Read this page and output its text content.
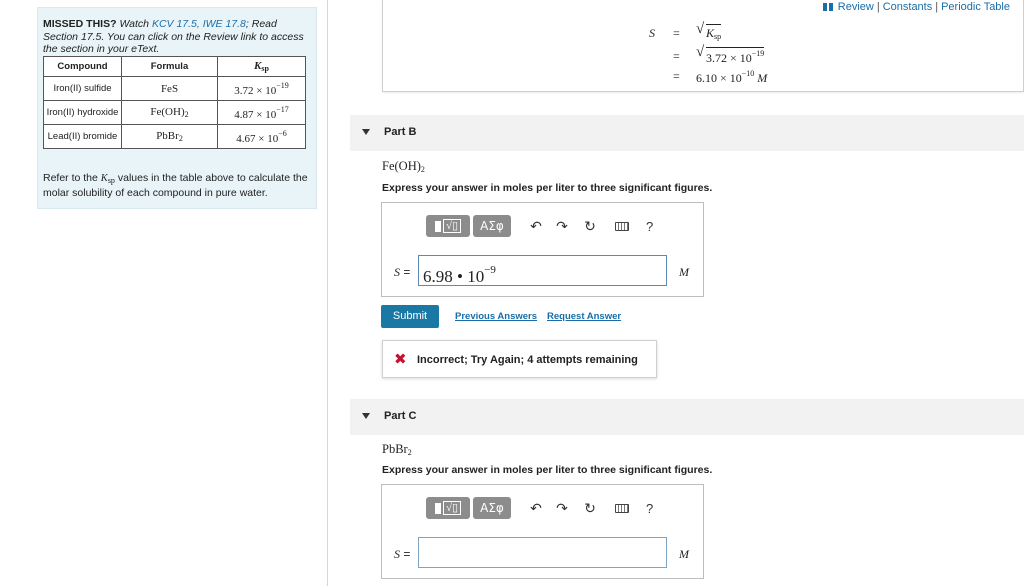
Review | Constants | Periodic Table
MISSED THIS? Watch KCV 17.5, IWE 17.8; Read Section 17.5. You can click on the Review link to access the section in your eText.
Compound	Formula	$K_{sp}$
Iron(II) sulfide	FeS	$3.72 \times 10^{-19}$
Iron(II) hydroxide	$Fe(OH)_2$	$4.87 \times 10^{-17}$
Lead(II) bromide	PbBr$_2$	$4.67 \times 10^{-6}$
Refer to the $K_{sp}$ values in the table above to calculate the molar solubility of each compound in pure water.
S =	√ $K_{sp}$
=	√ $3.72 \times 10^{-19}$
= $6.10 \times 10^{-10}$ M
Part B
$Fe(OH)_2$
Express your answer in moles per liter to three significant figures.
√▯	ΑΣφ	↶ ↷ ↻	?
S = 6.98 • $10^{-9}$	M
Submit	Previous Answers Request Answer
✖ Incorrect; Try Again; 4 attempts remaining
Part C
PbBr$_2$
Express your answer in moles per liter to three significant figures.
√▯	ΑΣφ	↶ ↷ ↻	?
S =	M
